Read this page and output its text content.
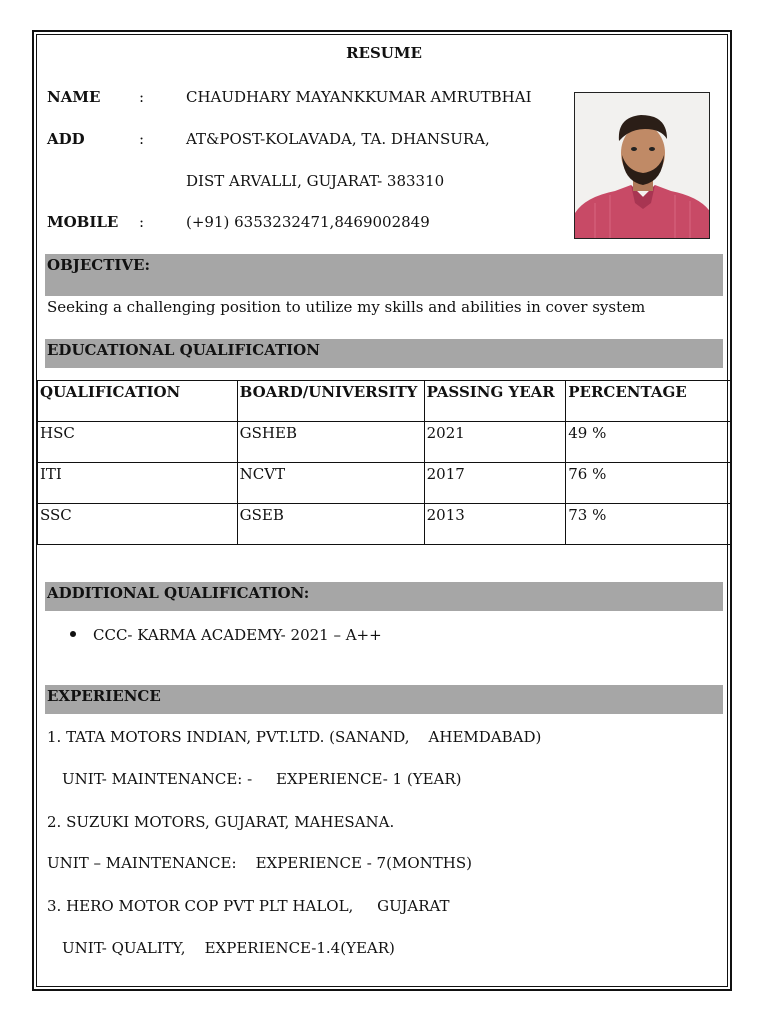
RESUME
NAME	:	CHAUDHARY MAYANKKUMAR AMRUTBHAI
ADD	:	AT&POST-KOLAVADA, TA. DHANSURA,
DIST ARVALLI, GUJARAT- 383310
MOBILE :	(+91) 6353232471,8469002849
OBJECTIVE:
Seeking a challenging position to utilize my skills and abilities in cover system
EDUCATIONAL QUALIFICATION
QUALIFICATION	BOARD/UNIVERSITY	PASSING YEAR	PERCENTAGE
HSC	GSHEB	2021	49 %
ITI	NCVT	2017	76 %
SSC	GSEB	2013	73 %
ADDITIONAL QUALIFICATION:
CCC- KARMA ACADEMY- 2021 – A++
EXPERIENCE
1. TATA MOTORS INDIAN, PVT.LTD. (SANAND,    AHEMDABAD)
UNIT- MAINTENANCE: -     EXPERIENCE- 1 (YEAR)
2. SUZUKI MOTORS, GUJARAT, MAHESANA.
UNIT – MAINTENANCE:    EXPERIENCE - 7(MONTHS)
3. HERO MOTOR COP PVT PLT HALOL,     GUJARAT
UNIT- QUALITY,    EXPERIENCE-1.4(YEAR)
